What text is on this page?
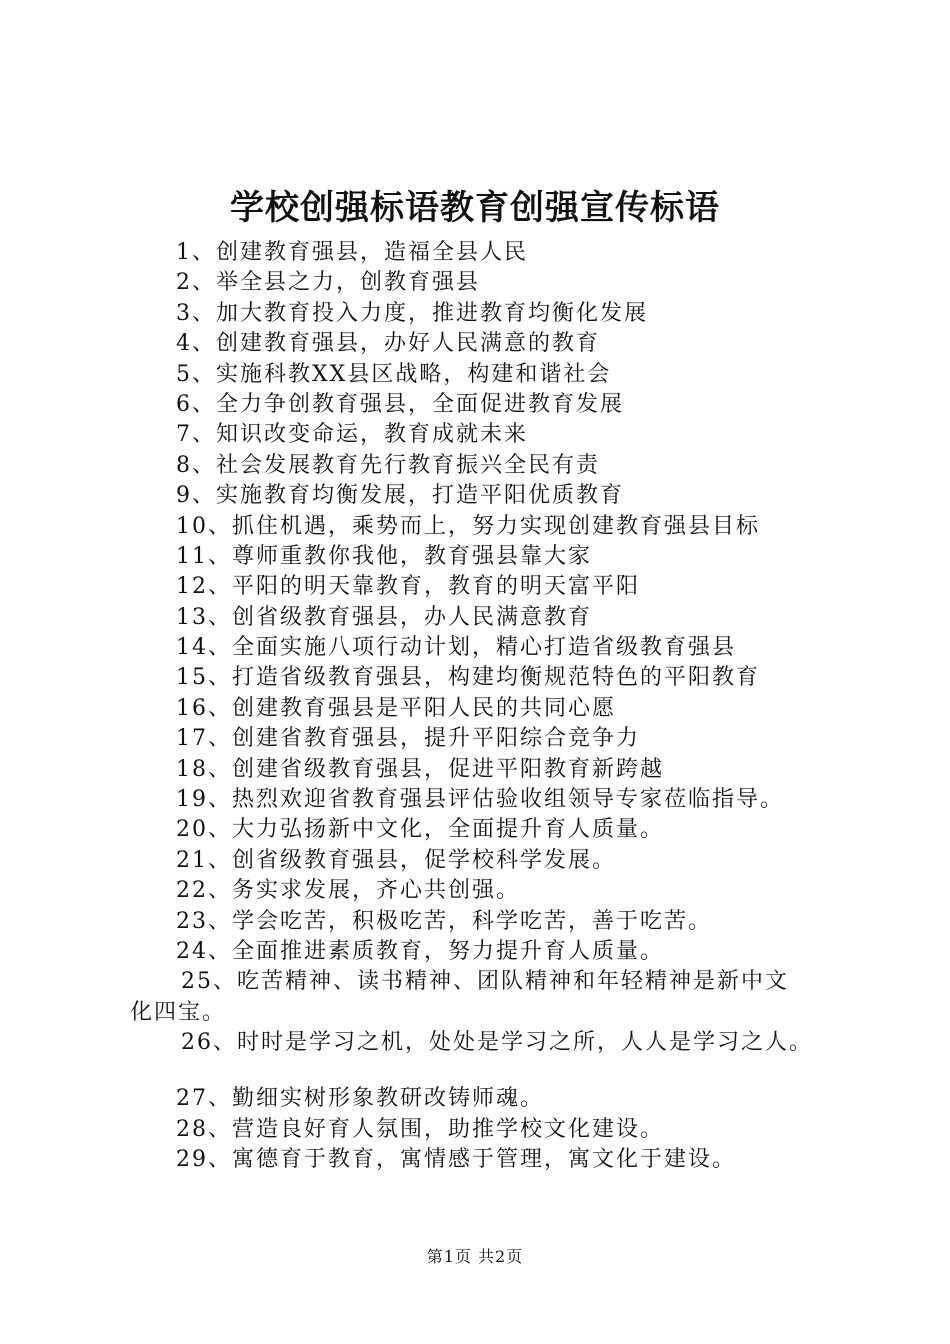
学校创强标语教育创强宣传标语
1、创建教育强县，造福全县人民
2、举全县之力，创教育强县
3、加大教育投入力度，推进教育均衡化发展
4、创建教育强县，办好人民满意的教育
5、实施科教XX县区战略，构建和谐社会
6、全力争创教育强县，全面促进教育发展
7、知识改变命运，教育成就未来
8、社会发展教育先行教育振兴全民有责
9、实施教育均衡发展，打造平阳优质教育
10、抓住机遇，乘势而上，努力实现创建教育强县目标
11、尊师重教你我他，教育强县靠大家
12、平阳的明天靠教育，教育的明天富平阳
13、创省级教育强县，办人民满意教育
14、全面实施八项行动计划，精心打造省级教育强县
15、打造省级教育强县，构建均衡规范特色的平阳教育
16、创建教育强县是平阳人民的共同心愿
17、创建省教育强县，提升平阳综合竞争力
18、创建省级教育强县，促进平阳教育新跨越
19、热烈欢迎省教育强县评估验收组领导专家莅临指导。
20、大力弘扬新中文化，全面提升育人质量。
21、创省级教育强县，促学校科学发展。
22、务实求发展，齐心共创强。
23、学会吃苦，积极吃苦，科学吃苦，善于吃苦。
24、全面推进素质教育，努力提升育人质量。
25、吃苦精神、读书精神、团队精神和年轻精神是新中文
化四宝。
26、时时是学习之机，处处是学习之所，人人是学习之人。
27、勤细实树形象教研改铸师魂。
28、营造良好育人氛围，助推学校文化建设。
29、寓德育于教育，寓情感于管理，寓文化于建设。
第1页 共2页
